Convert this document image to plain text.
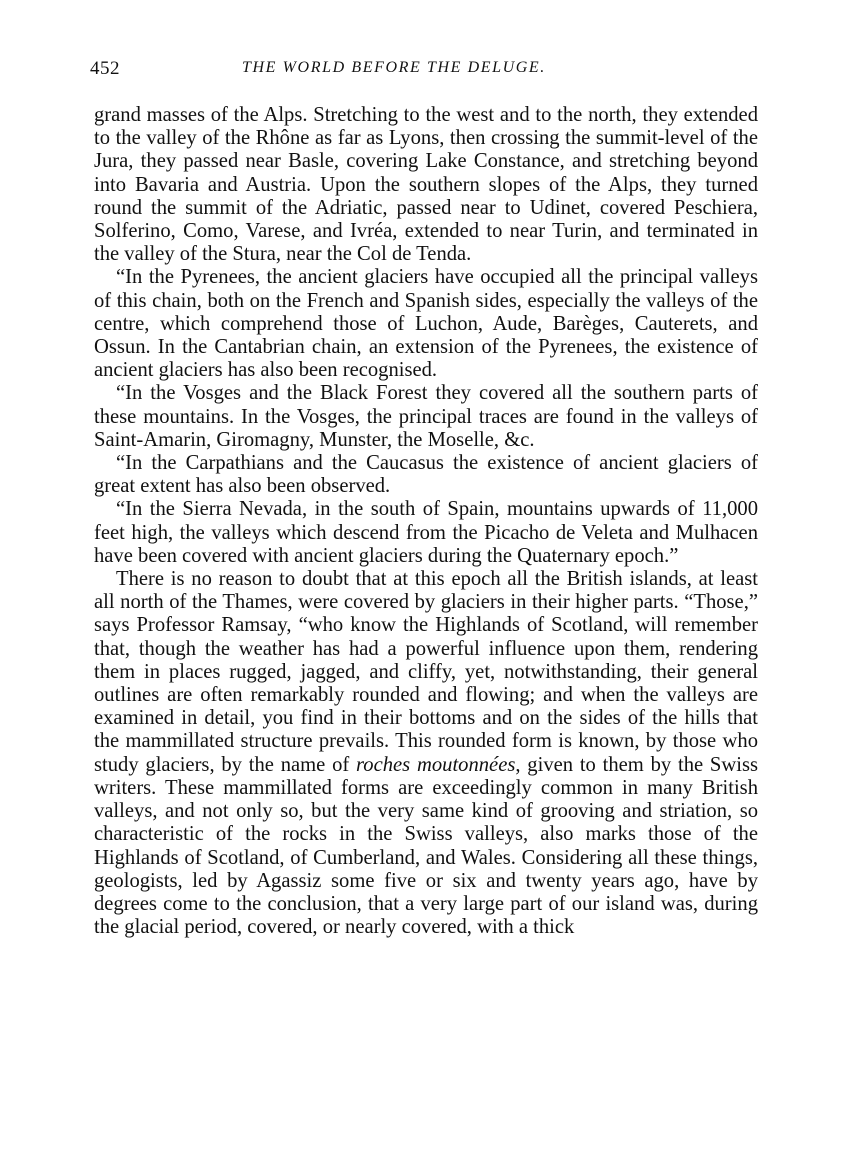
452	THE WORLD BEFORE THE DELUGE.

grand masses of the Alps. Stretching to the west and to the north, they extended to the valley of the Rhône as far as Lyons, then crossing the summit-level of the Jura, they passed near Basle, covering Lake Constance, and stretching beyond into Bavaria and Austria. Upon the southern slopes of the Alps, they turned round the summit of the Adriatic, passed near to Udinet, covered Peschiera, Solferino, Como, Varese, and Ivréa, extended to near Turin, and terminated in the valley of the Stura, near the Col de Tenda.

“In the Pyrenees, the ancient glaciers have occupied all the principal valleys of this chain, both on the French and Spanish sides, especially the valleys of the centre, which comprehend those of Luchon, Aude, Barèges, Cauterets, and Ossun. In the Cantabrian chain, an extension of the Pyrenees, the existence of ancient glaciers has also been recognised.

“In the Vosges and the Black Forest they covered all the southern parts of these mountains. In the Vosges, the principal traces are found in the valleys of Saint-Amarin, Giromagny, Munster, the Moselle, &c.

“In the Carpathians and the Caucasus the existence of ancient glaciers of great extent has also been observed.

“In the Sierra Nevada, in the south of Spain, mountains upwards of 11,000 feet high, the valleys which descend from the Picacho de Veleta and Mulhacen have been covered with ancient glaciers during the Quaternary epoch.”

There is no reason to doubt that at this epoch all the British islands, at least all north of the Thames, were covered by glaciers in their higher parts. “Those,” says Professor Ramsay, “who know the Highlands of Scotland, will remember that, though the weather has had a powerful influence upon them, rendering them in places rugged, jagged, and cliffy, yet, notwithstanding, their general outlines are often remarkably rounded and flowing; and when the valleys are examined in detail, you find in their bottoms and on the sides of the hills that the mammillated structure prevails. This rounded form is known, by those who study glaciers, by the name of roches moutonnées, given to them by the Swiss writers. These mammillated forms are exceedingly common in many British valleys, and not only so, but the very same kind of grooving and striation, so characteristic of the rocks in the Swiss valleys, also marks those of the Highlands of Scotland, of Cumberland, and Wales. Considering all these things, geologists, led by Agassiz some five or six and twenty years ago, have by degrees come to the conclusion, that a very large part of our island was, during the glacial period, covered, or nearly covered, with a thick
